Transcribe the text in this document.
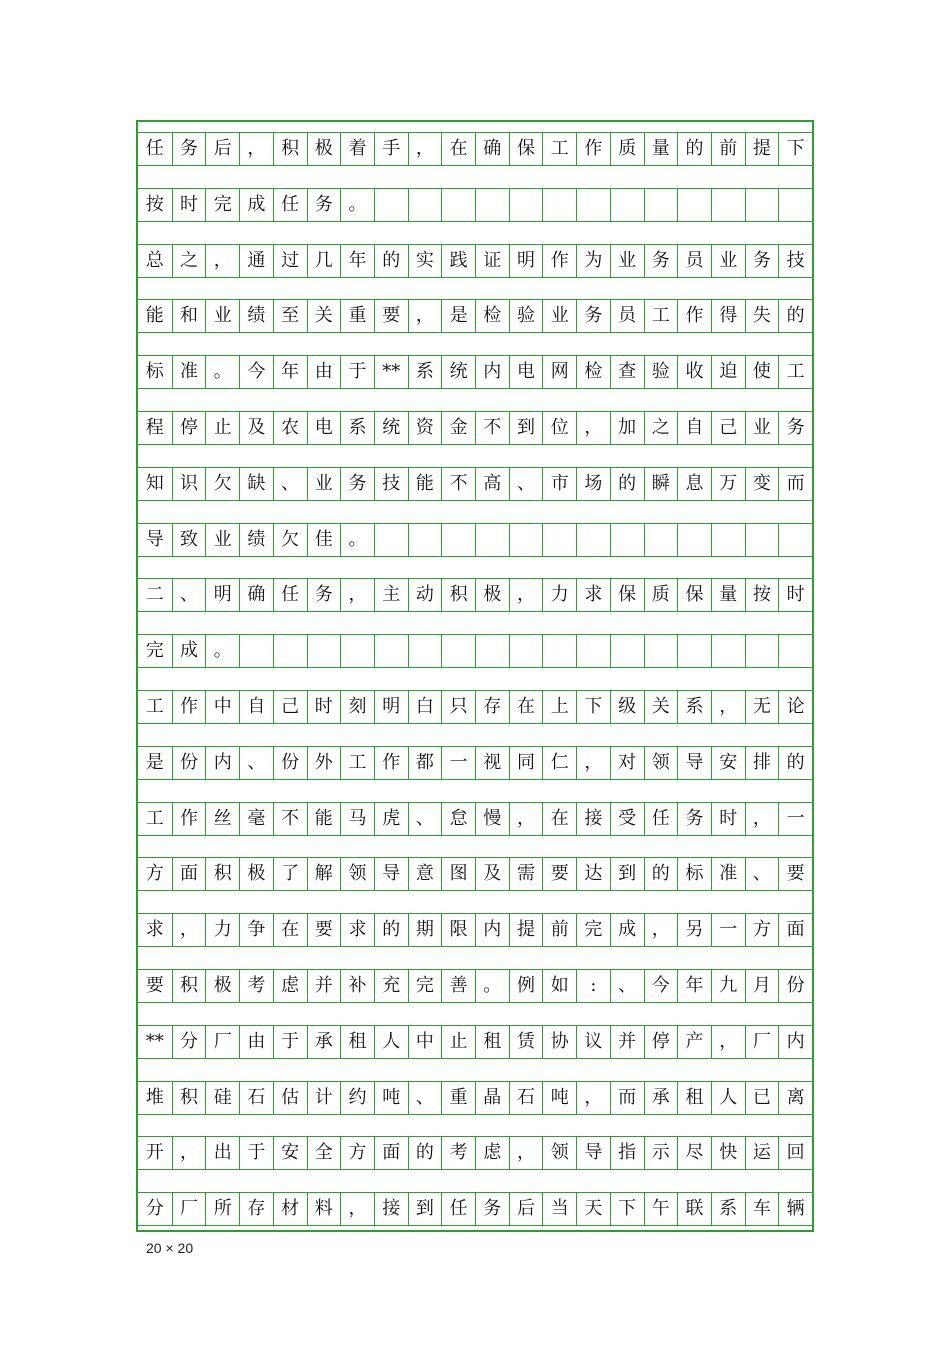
任 务 后 ， 积 极 着 手 ， 在 确 保 工 作 质 量 的 前 提 下
按 时 完 成 任 务 。
总 之 ， 通 过 几 年 的 实 践 证 明 作 为 业 务 员 业 务 技
能 和 业 绩 至 关 重 要 ， 是 检 验 业 务 员 工 作 得 失 的
标 准 。 今 年 由 于 ** 系 统 内 电 网 检 查 验 收 迫 使 工
程 停 止 及 农 电 系 统 资 金 不 到 位 ， 加 之 自 己 业 务
知 识 欠 缺 、 业 务 技 能 不 高 、 市 场 的 瞬 息 万 变 而
导 致 业 绩 欠 佳 。
二 、 明 确 任 务 ， 主 动 积 极 ， 力 求 保 质 保 量 按 时
完 成 。
工 作 中 自 己 时 刻 明 白 只 存 在 上 下 级 关 系 ， 无 论
是 份 内 、 份 外 工 作 都 一 视 同 仁 ， 对 领 导 安 排 的
工 作 丝 毫 不 能 马 虎 、 怠 慢 ， 在 接 受 任 务 时 ， 一
方 面 积 极 了 解 领 导 意 图 及 需 要 达 到 的 标 准 、 要
求 ， 力 争 在 要 求 的 期 限 内 提 前 完 成 ， 另 一 方 面
要 积 极 考 虑 并 补 充 完 善 。 例 如	:	、 今 年 九 月 份
** 分 厂 由 于 承 租 人 中 止 租 赁 协 议 并 停 产 ， 厂 内
堆 积 硅 石 估 计 约 吨 、 重 晶 石 吨 ， 而 承 租 人 已 离
开 ， 出 于 安 全 方 面 的 考 虑 ， 领 导 指 示 尽 快 运 回
分 厂 所 存 材 料 ， 接 到 任 务 后 当 天 下 午 联 系 车 辆
20 × 20
